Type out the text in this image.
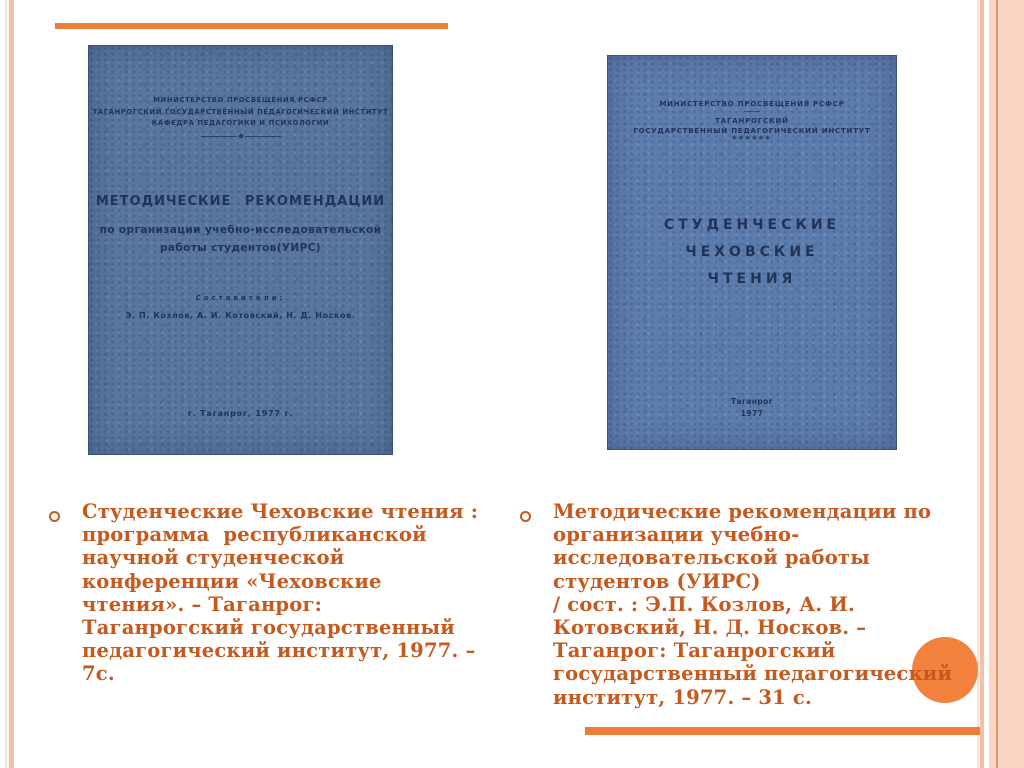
МИНИСТЕРСТВО ПРОСВЕЩЕНИЯ РСФСР
ТАГАНРОГСКИЙ ГОСУДАРСТВЕННЫЙ ПЕДАГОГИЧЕСКИЙ ИНСТИТУТ
КАФЕДРА ПЕДАГОГИКИ И ПСИХОЛОГИИ
МЕТОДИЧЕСКИЕ РЕКОМЕНДАЦИИ
по организации учебно-исследовательской
работы студентов(УИРС)
Составители:
Э. П. Козлов, А. И. Котовский, Н. Д. Носков.
г. Таганрог, 1977 г.
МИНИСТЕРСТВО ПРОСВЕЩЕНИЯ РСФСР
ТАГАНРОГСКИЙ
ГОСУДАРСТВЕННЫЙ ПЕДАГОГИЧЕСКИЙ ИНСТИТУТ
******
СТУДЕНЧЕСКИЕ
ЧЕХОВСКИЕ
ЧТЕНИЯ
Таганрог
1977
Студенческие Чеховские чтения :
программа  республиканской
научной студенческой
конференции «Чеховские
чтения». – Таганрог:
Таганрогский государственный
педагогический институт, 1977. –
7с.
Методические рекомендации по
организации учебно-
исследовательской работы
студентов (УИРС)
/ сост. : Э.П. Козлов, А. И.
Котовский, Н. Д. Носков. –
Таганрог: Таганрогский
государственный педагогический
институт, 1977. – 31 с.
